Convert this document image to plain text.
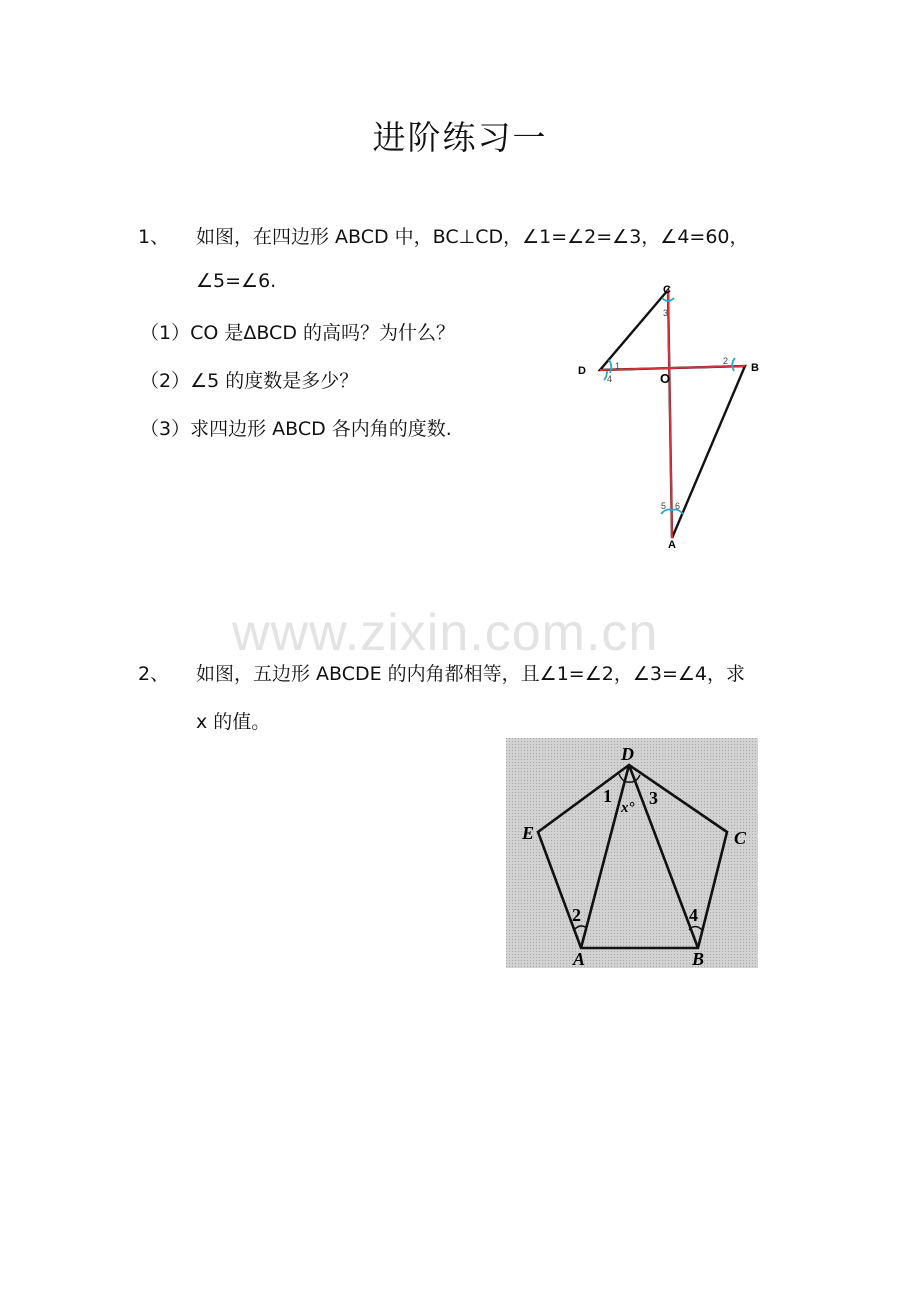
进阶练习一
1、 如图，在四边形 ABCD 中，BC⊥CD，∠1=∠2=∠3，∠4=60，
∠5=∠6.
（1）CO 是ΔBCD 的高吗？为什么？
（2）∠5 的度数是多少？
（3）求四边形 ABCD 各内角的度数.
C
D	B
A
O
1	2
3
4
5 6
www.zixin.com.cn
2、 如图，五边形 ABCDE 的内角都相等，且∠1=∠2，∠3=∠4，求
x 的值。
D
E	C
A	B
1 3
2	4
x°
